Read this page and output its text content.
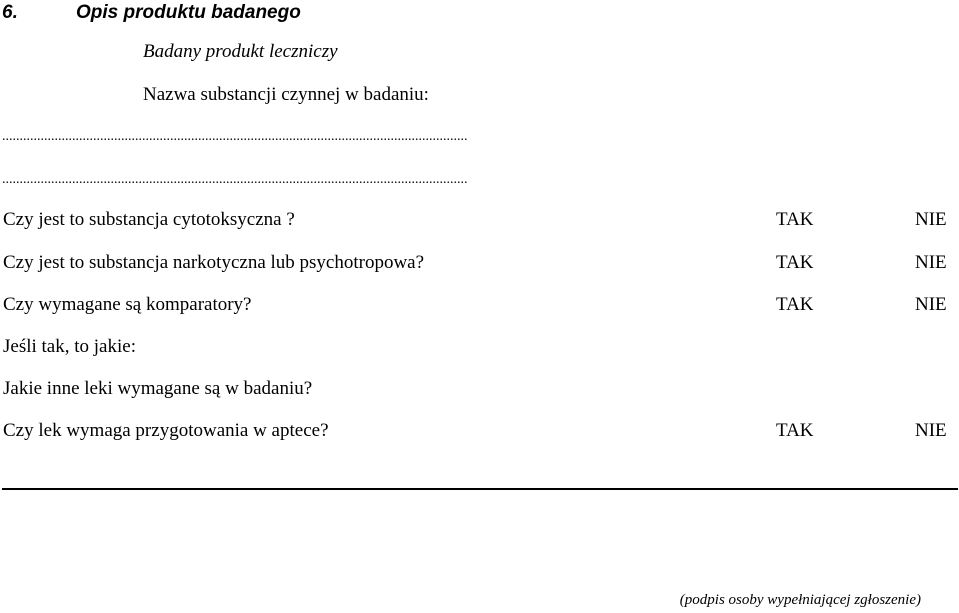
6.	Opis produktu badanego
Badany produkt leczniczy
Nazwa substancji czynnej w badaniu:
.....................................................................................................................................
.....................................................................................................................................
Czy jest to substancja cytotoksyczna ?	TAK	NIE
Czy jest to substancja narkotyczna lub psychotropowa?	TAK	NIE
Czy wymagane są komparatory?	TAK	NIE
Jeśli tak, to jakie:
Jakie inne leki wymagane są w badaniu?
Czy lek wymaga przygotowania w aptece?	TAK	NIE
(podpis osoby wypełniającej zgłoszenie)
